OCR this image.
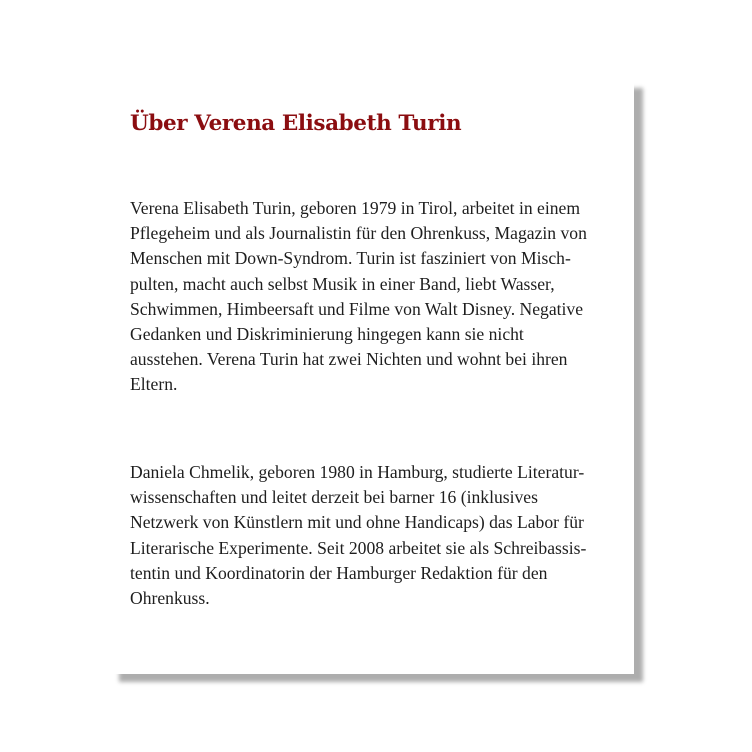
Über Verena Elisabeth Turin
Verena Elisabeth Turin, geboren 1979 in Tirol, arbeitet in einem
Pflegeheim und als Journalistin für den Ohrenkuss, Magazin von
Menschen mit Down-Syndrom. Turin ist fasziniert von Misch-
pulten, macht auch selbst Musik in einer Band, liebt Wasser,
Schwimmen, Himbeersaft und Filme von Walt Disney. Negative
Gedanken und Diskriminierung hingegen kann sie nicht
ausstehen. Verena Turin hat zwei Nichten und wohnt bei ihren
Eltern.
Daniela Chmelik, geboren 1980 in Hamburg, studierte Literatur-
wissenschaften und leitet derzeit bei barner 16 (inklusives
Netzwerk von Künstlern mit und ohne Handicaps) das Labor für
Literarische Experimente. Seit 2008 arbeitet sie als Schreibassis-
tentin und Koordinatorin der Hamburger Redaktion für den
Ohrenkuss.
